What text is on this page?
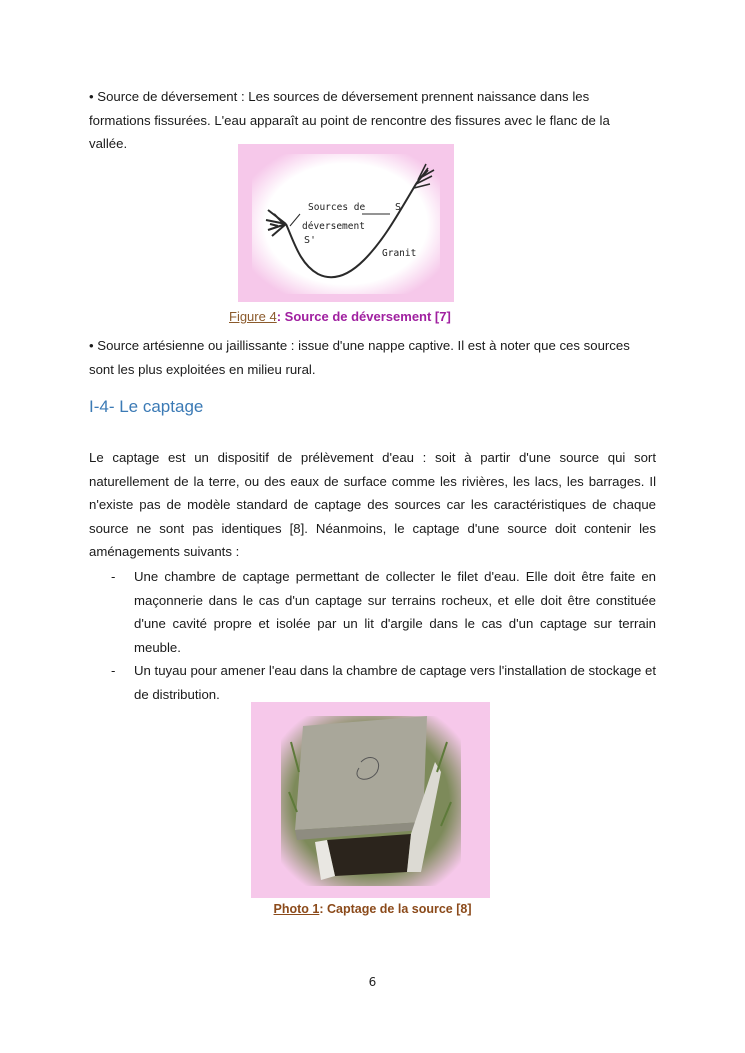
• Source de déversement : Les sources de déversement prennent naissance dans les
formations fissurées. L'eau apparaît au point de rencontre des fissures avec le flanc de la
vallée.

Sources de
déversement
S
S'
Granit
Figure 4: Source de déversement [7]

• Source artésienne ou jaillissante : issue d'une nappe captive. Il est à noter que ces sources
sont les plus exploitées en milieu rural.

I-4- Le captage

Le captage est un dispositif de prélèvement d'eau : soit à partir d'une source qui sort naturellement de la terre, ou des eaux de surface comme les rivières, les lacs, les barrages. Il n'existe pas de modèle standard de captage des sources car les caractéristiques de chaque source ne sont pas identiques [8]. Néanmoins, le captage d'une source doit contenir les aménagements suivants :

- Une chambre de captage permettant de collecter le filet d'eau. Elle doit être faite en maçonnerie dans le cas d'un captage sur terrains rocheux, et elle doit être constituée d'une cavité propre et isolée par un lit d'argile dans le cas d'un captage sur terrain meuble.
- Un tuyau pour amener l'eau dans la chambre de captage vers l'installation de stockage et de distribution.
Photo 1: Captage de la source [8]
6
